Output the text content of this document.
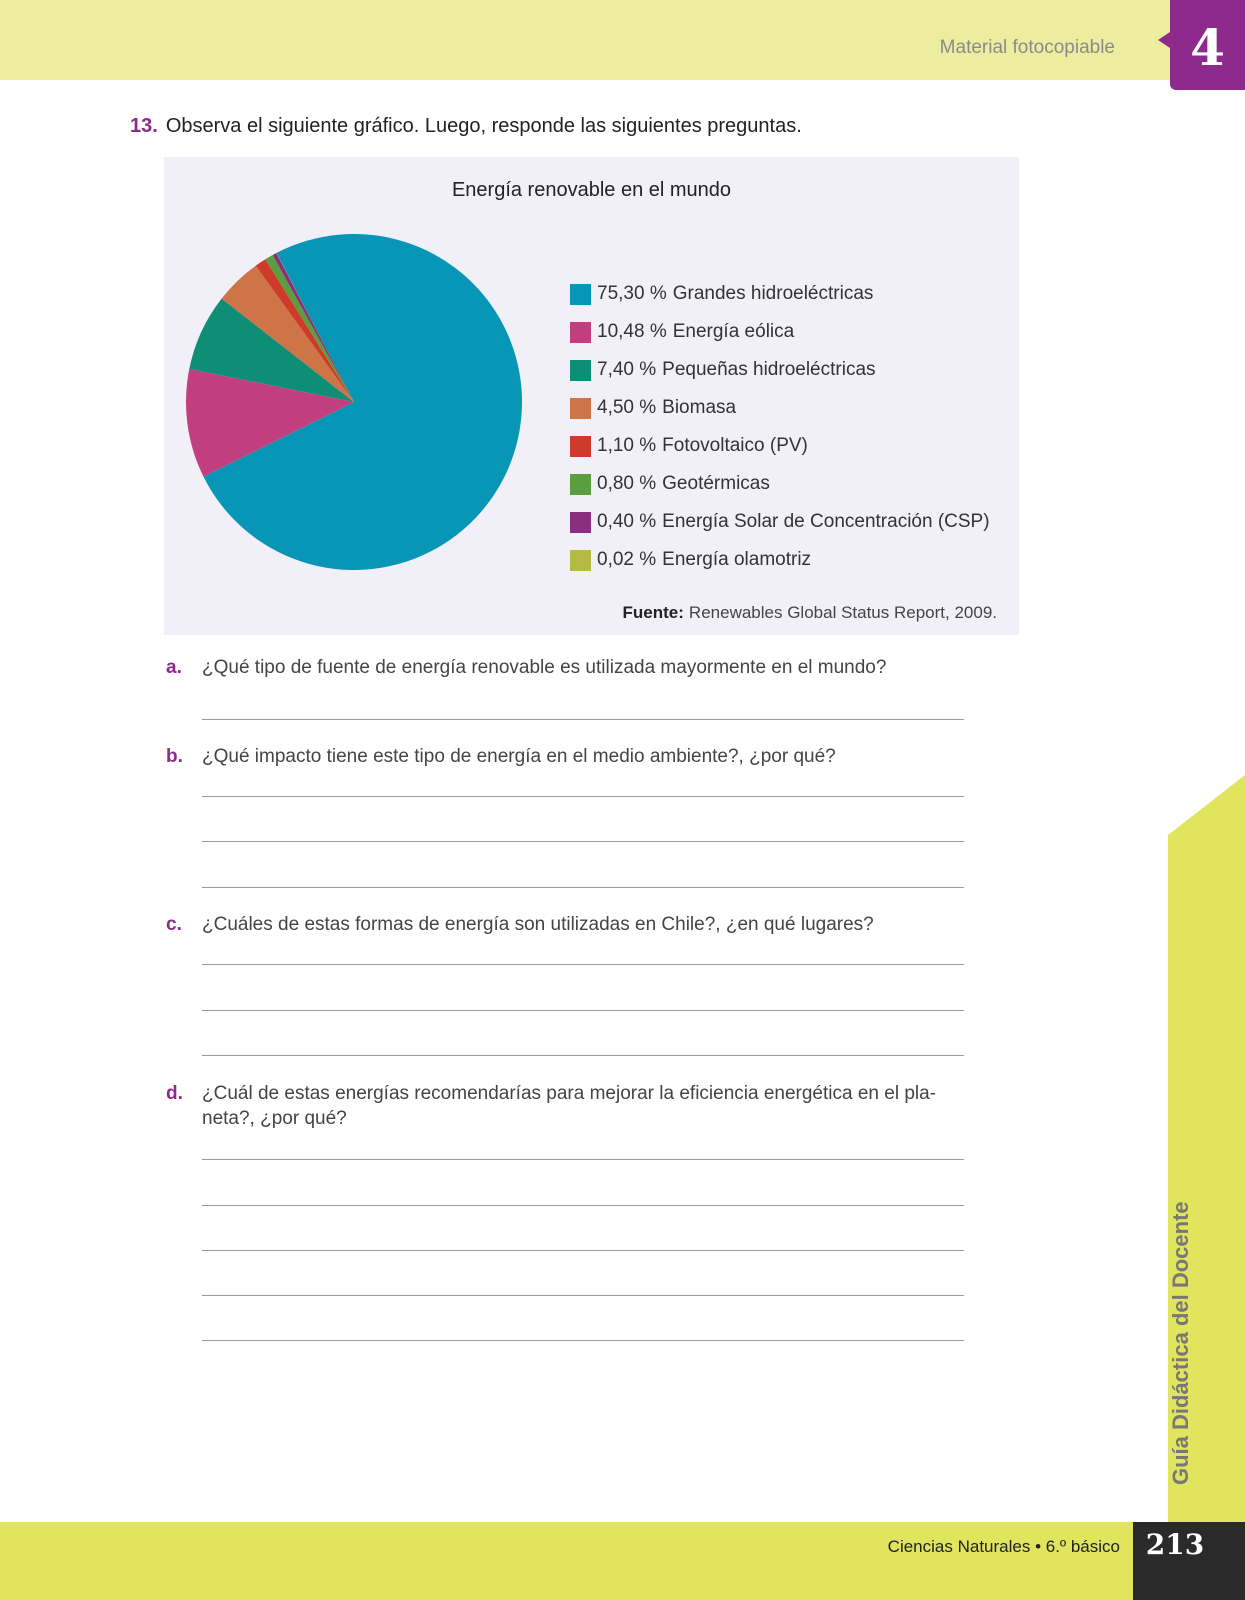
Material fotocopiable	4
13. Observa el siguiente gráfico. Luego, responde las siguientes preguntas.
Energía renovable en el mundo
75,30 % Grandes hidroeléctricas
10,48 % Energía eólica
7,40 % Pequeñas hidroeléctricas
4,50 % Biomasa
1,10 % Fotovoltaico (PV)
0,80 % Geotérmicas
0,40 % Energía Solar de Concentración (CSP)
0,02 % Energía olamotriz
Fuente: Renewables Global Status Report, 2009.
a. ¿Qué tipo de fuente de energía renovable es utilizada mayormente en el mundo?
b. ¿Qué impacto tiene este tipo de energía en el medio ambiente?, ¿por qué?
c. ¿Cuáles de estas formas de energía son utilizadas en Chile?, ¿en qué lugares?
d. ¿Cuál de estas energías recomendarías para mejorar la eficiencia energética en el pla-neta?, ¿por qué?
Guía Didáctica del Docente
Ciencias Naturales • 6.º básico 213
